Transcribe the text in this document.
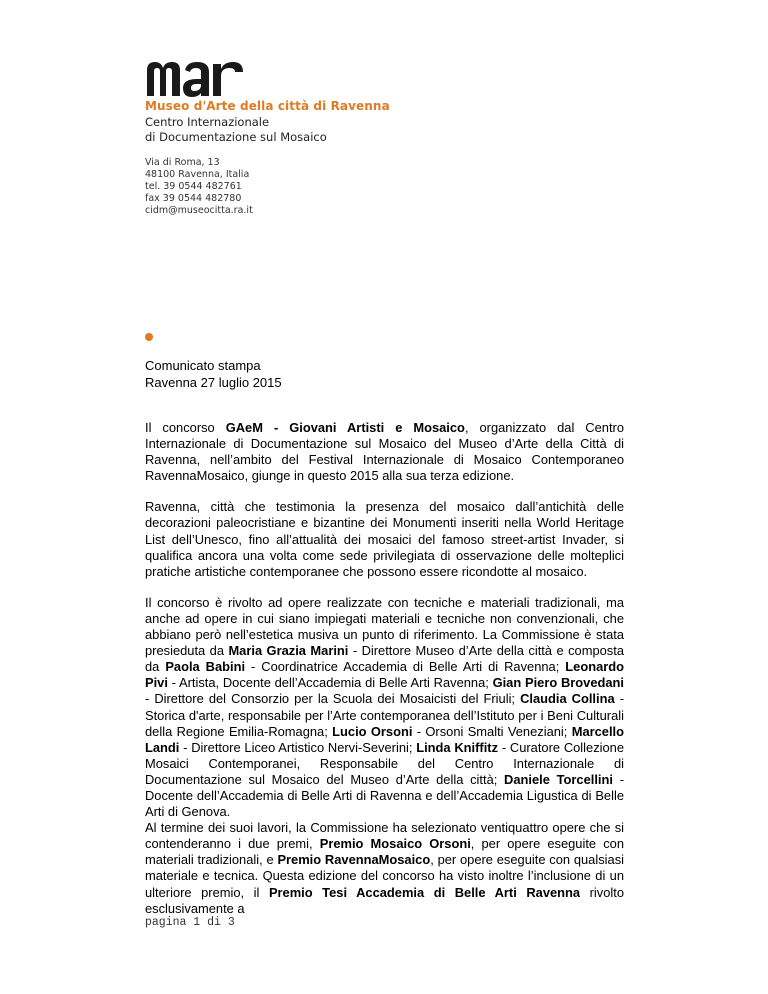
Museo d'Arte della città di Ravenna

Centro Internazionale

di Documentazione sul Mosaico

Via di Roma, 13
48100 Ravenna, Italia
tel. 39 0544 482761
fax 39 0544 482780
cidm@museocitta.ra.it
Comunicato stampa
Ravenna 27 luglio 2015

Il concorso GAeM - Giovani Artisti e Mosaico, organizzato dal Centro Internazionale di Documentazione sul Mosaico del Museo d’Arte della Città di Ravenna, nell’ambito del Festival Internazionale di Mosaico Contemporaneo RavennaMosaico, giunge in questo 2015 alla sua terza edizione.

Ravenna, città che testimonia la presenza del mosaico dall’antichità delle decorazioni paleocristiane e bizantine dei Monumenti inseriti nella World Heritage List dell’Unesco, fino all’attualità dei mosaici del famoso street-artist Invader, si qualifica ancora una volta come sede privilegiata di osservazione delle molteplici pratiche artistiche contemporanee che possono essere ricondotte al mosaico.

Il concorso è rivolto ad opere realizzate con tecniche e materiali tradizionali, ma anche ad opere in cui siano impiegati materiali e tecniche non convenzionali, che abbiano però nell’estetica musiva un punto di riferimento. La Commissione è stata presieduta da Maria Grazia Marini - Direttore Museo d’Arte della città e composta da Paola Babini - Coordinatrice Accademia di Belle Arti di Ravenna; Leonardo Pivi - Artista, Docente dell’Accademia di Belle Arti Ravenna; Gian Piero Brovedani - Direttore del Consorzio per la Scuola dei Mosaicisti del Friuli; Claudia Collina - Storica d'arte, responsabile per l’Arte contemporanea dell’Istituto per i Beni Culturali della Regione Emilia-Romagna; Lucio Orsoni - Orsoni Smalti Veneziani; Marcello Landi - Direttore Liceo Artistico Nervi-Severini; Linda Kniffitz - Curatore Collezione Mosaici Contemporanei, Responsabile del Centro Internazionale di Documentazione sul Mosaico del Museo d’Arte della città; Daniele Torcellini - Docente dell’Accademia di Belle Arti di Ravenna e dell’Accademia Ligustica di Belle Arti di Genova.

Al termine dei suoi lavori, la Commissione ha selezionato ventiquattro opere che si contenderanno i due premi, Premio Mosaico Orsoni, per opere eseguite con materiali tradizionali, e Premio RavennaMosaico, per opere eseguite con qualsiasi materiale e tecnica. Questa edizione del concorso ha visto inoltre l’inclusione di un ulteriore premio, il Premio Tesi Accademia di Belle Arti Ravenna rivolto esclusivamente a

pagina 1 di 3
